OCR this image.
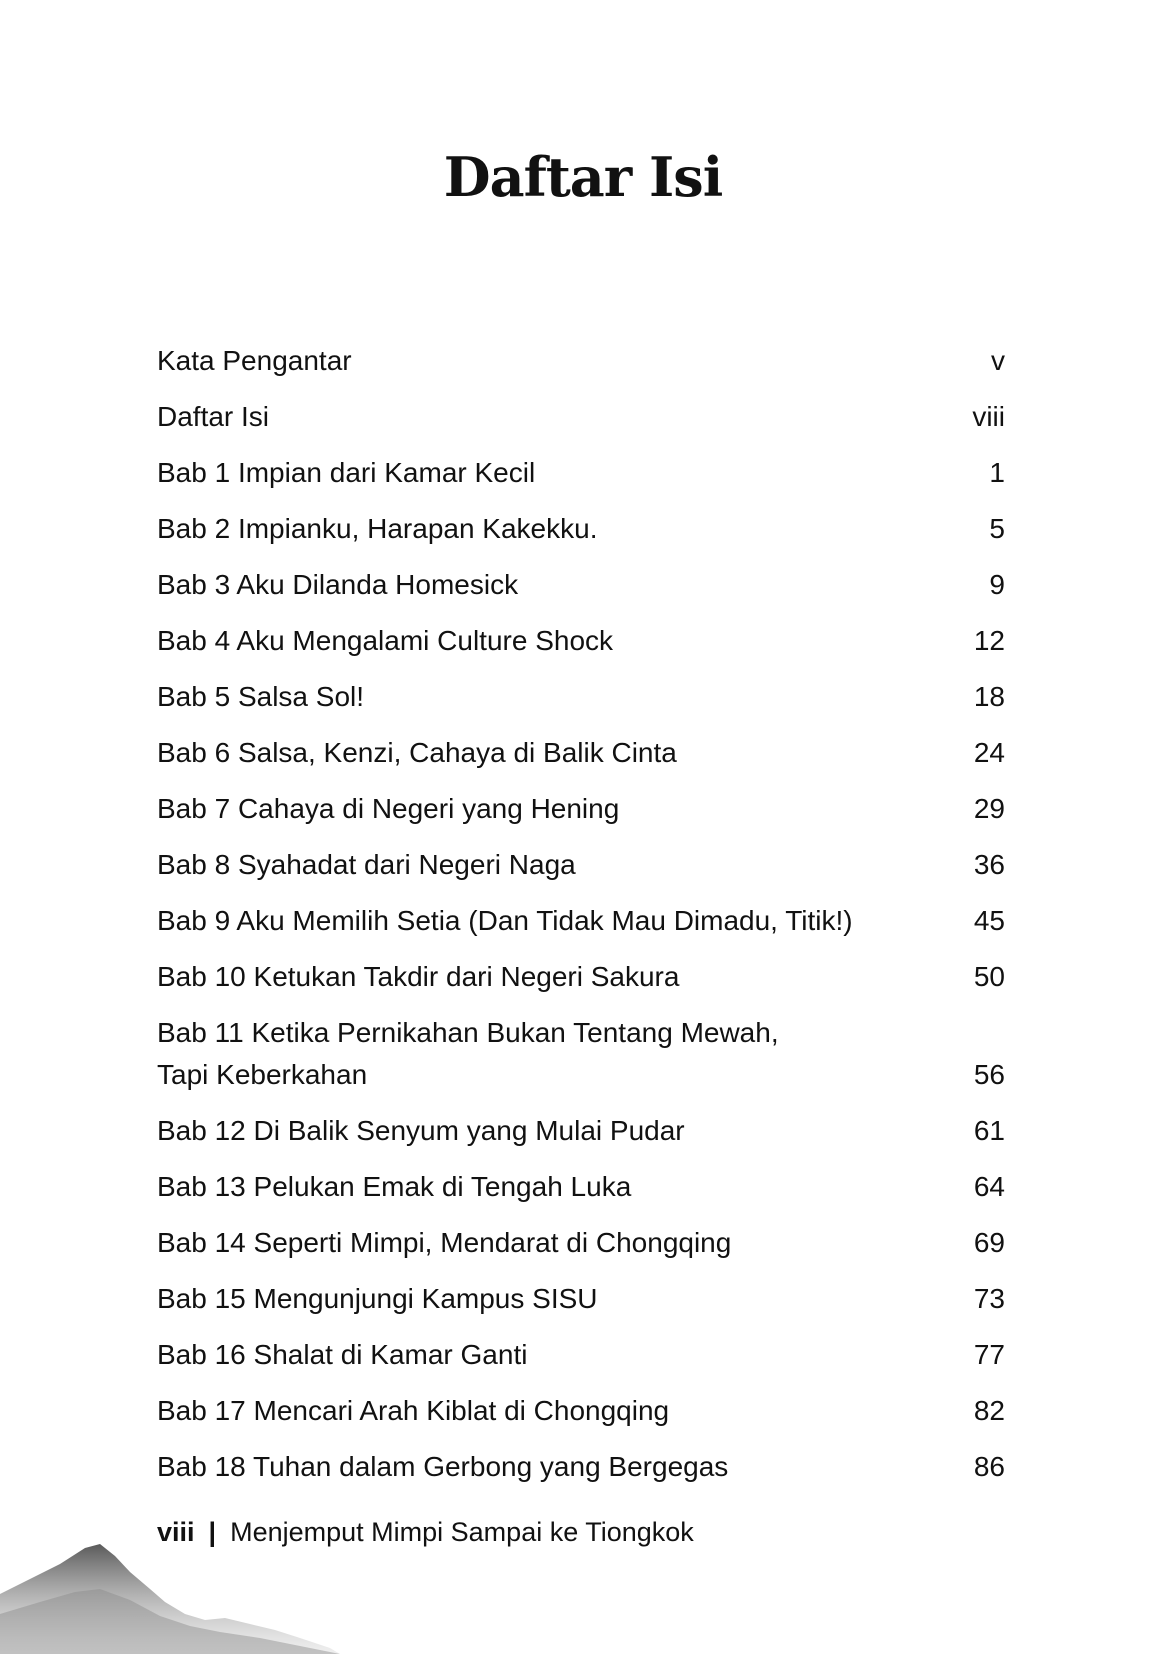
Daftar Isi
Kata Pengantar	v
Daftar Isi	viii
Bab 1 Impian dari Kamar Kecil	1
Bab 2 Impianku, Harapan Kakekku.	5
Bab 3 Aku Dilanda Homesick	9
Bab 4 Aku Mengalami Culture Shock	12
Bab 5 Salsa Sol!	18
Bab 6 Salsa, Kenzi, Cahaya di Balik Cinta	24
Bab 7 Cahaya di Negeri yang Hening	29
Bab 8 Syahadat dari Negeri Naga	36
Bab 9 Aku Memilih Setia (Dan Tidak Mau Dimadu, Titik!)	45
Bab 10 Ketukan Takdir dari Negeri Sakura	50
Bab 11 Ketika Pernikahan Bukan Tentang Mewah,
Tapi Keberkahan	56
Bab 12 Di Balik Senyum yang Mulai Pudar	61
Bab 13 Pelukan Emak di Tengah Luka	64
Bab 14 Seperti Mimpi, Mendarat di Chongqing	69
Bab 15 Mengunjungi Kampus SISU	73
Bab 16 Shalat di Kamar Ganti	77
Bab 17 Mencari Arah Kiblat di Chongqing	82
Bab 18 Tuhan dalam Gerbong yang Bergegas	86
viii | Menjemput Mimpi Sampai ke Tiongkok
